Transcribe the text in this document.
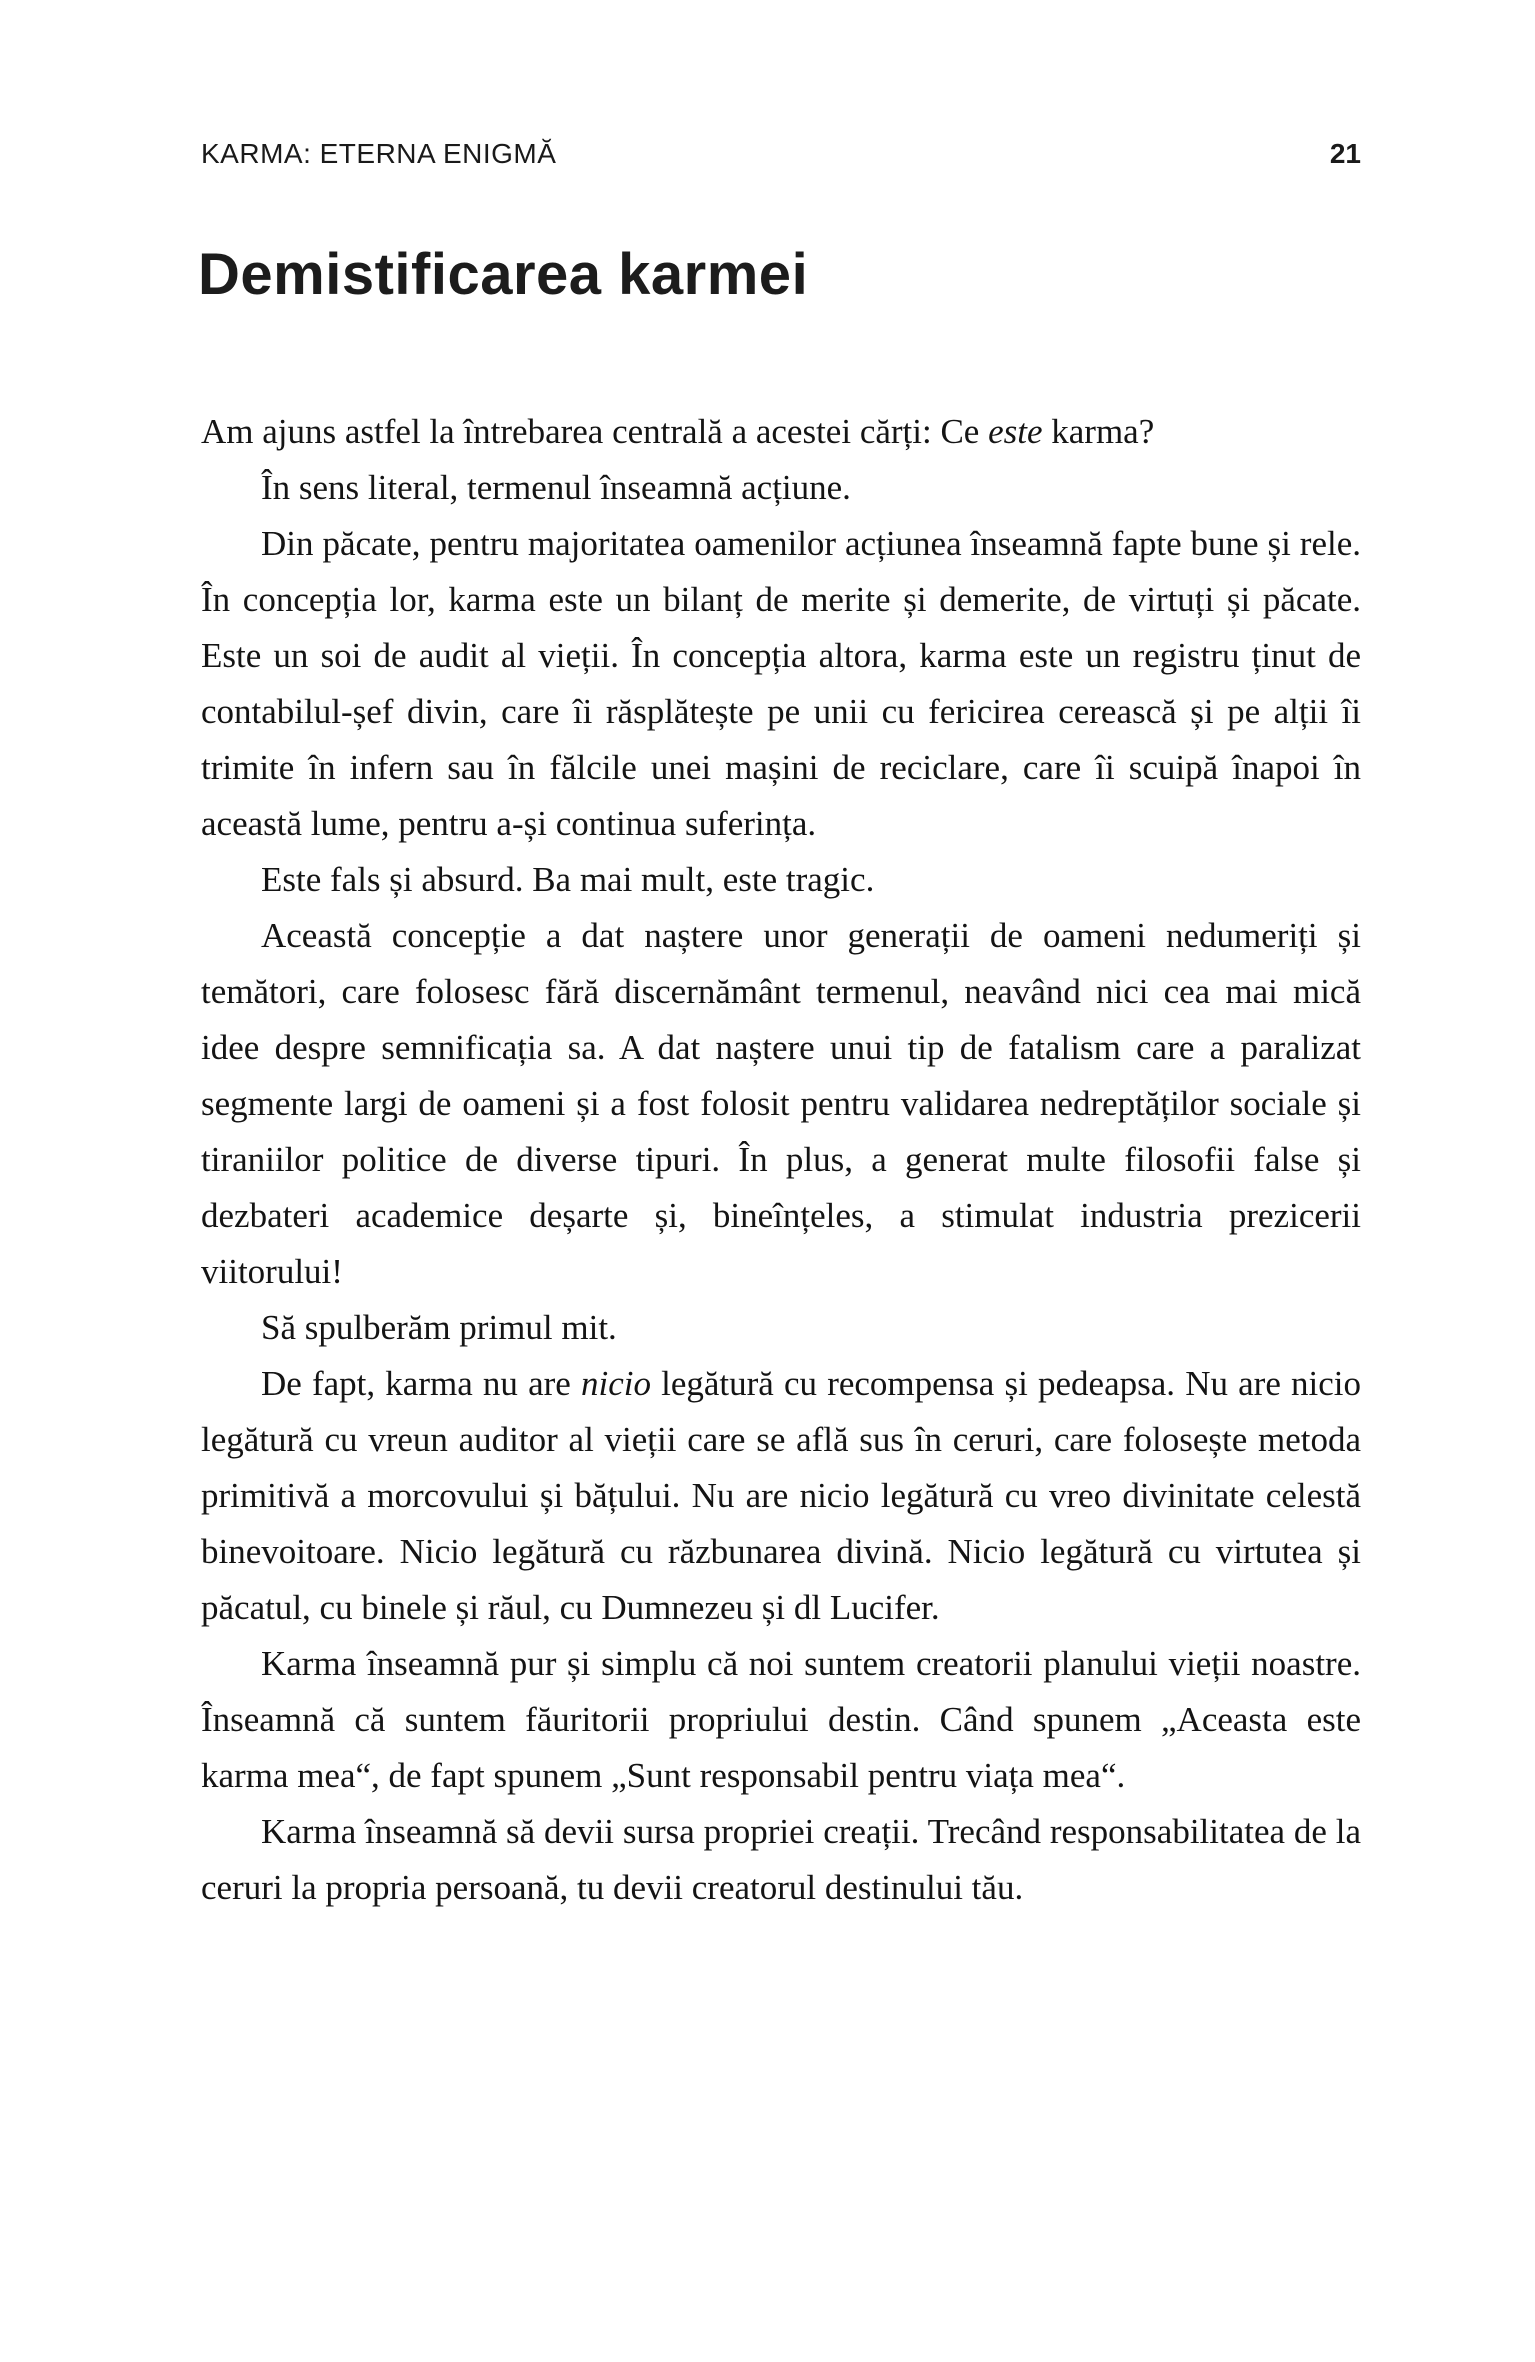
KARMA: ETERNA ENIGMĂ	21
Demistificarea karmei

Am ajuns astfel la întrebarea centrală a acestei cărți: Ce este karma?

În sens literal, termenul înseamnă acțiune.

Din păcate, pentru majoritatea oamenilor acțiunea înseamnă fapte bune și rele. În concepția lor, karma este un bilanț de merite și demerite, de virtuți și păcate. Este un soi de audit al vieții. În concepția altora, karma este un registru ținut de contabilul-șef divin, care îi răsplătește pe unii cu fericirea cerească și pe alții îi trimite în infern sau în fălcile unei mașini de reciclare, care îi scuipă înapoi în această lume, pentru a-și continua suferința.

Este fals și absurd. Ba mai mult, este tragic.

Această concepție a dat naștere unor generații de oameni nedumeriți și temători, care folosesc fără discernământ termenul, neavând nici cea mai mică idee despre semnificația sa. A dat naștere unui tip de fatalism care a paralizat segmente largi de oameni și a fost folosit pentru validarea nedreptăților sociale și tiraniilor politice de diverse tipuri. În plus, a generat multe filosofii false și dezbateri academice deșarte și, bineînțeles, a stimulat industria prezicerii viitorului!

Să spulberăm primul mit.

De fapt, karma nu are nicio legătură cu recompensa și pedeapsa. Nu are nicio legătură cu vreun auditor al vieții care se află sus în ceruri, care folosește metoda primitivă a morcovului și bățului. Nu are nicio legătură cu vreo divinitate celestă binevoitoare. Nicio legătură cu răzbunarea divină. Nicio legătură cu virtutea și păcatul, cu binele și răul, cu Dumnezeu și dl Lucifer.

Karma înseamnă pur și simplu că noi suntem creatorii planului vieții noastre. Înseamnă că suntem făuritorii propriului destin. Când spunem „Aceasta este karma mea“, de fapt spunem „Sunt responsabil pentru viața mea“.

Karma înseamnă să devii sursa propriei creații. Trecând responsabilitatea de la ceruri la propria persoană, tu devii creatorul destinului tău.
